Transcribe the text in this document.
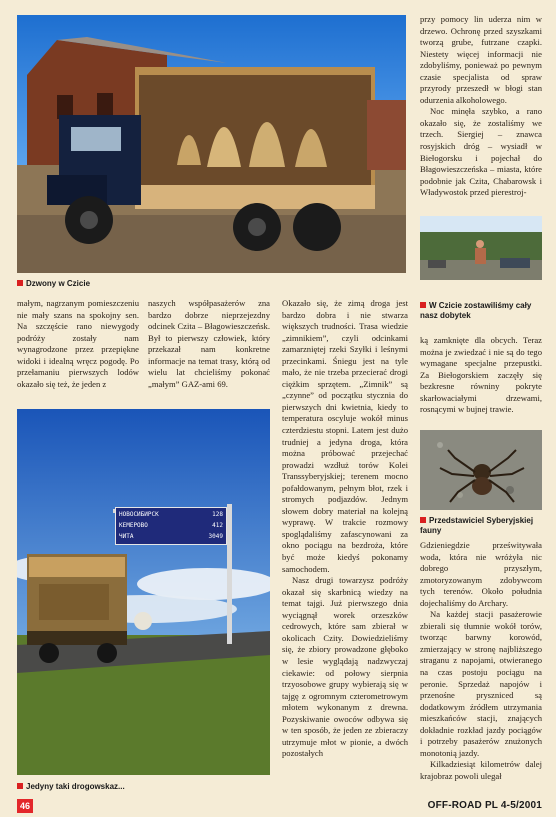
Dzwony w Czicie

przy pomocy lin uderza nim w drzewo. Ochronę przed szyszkami tworzą grube, futrzane czapki. Niestety więcej informacji nie zdobyliśmy, ponieważ po pewnym czasie specjalista od spraw przyrody przeszedł w błogi stan odurzenia alkoholowego.

Noc minęła szybko, a rano okazało się, że zostaliśmy we trzech. Siergiej – znawca rosyjskich dróg – wysiadł w Biełogorsku i pojechał do Błagowieszczeńska – miasta, które podobnie jak Czita, Chabarowsk i Władywostok przed pierestroj-

W Czicie zostawiliśmy cały nasz dobytek

ką zamknięte dla obcych. Teraz można je zwiedzać i nie są do tego wymagane specjalne przepustki. Za Biełogorskiem zaczęły się bezkresne równiny pokryte skarłowaciałymi drzewami, rosnącymi w bujnej trawie.

Przedstawiciel Syberyjskiej fauny

Gdzieniegdzie prześwitywała woda, która nie wróżyła nic dobrego przyszłym, zmotoryzowanym zdobywcom tych terenów. Około południa dojechaliśmy do Archary.

Na każdej stacji pasażerowie zbierali się tłumnie wokół torów, tworząc barwny korowód, zmierzający w stronę najbliższego straganu z napojami, otwieranego na czas postoju pociągu na peronie. Sprzedaż napojów i przenośne pryszniced są dodatkowym źródłem utrzymania mieszkańców stacji, znających dokładnie rozkład jazdy pociągów i potrzeby pasażerów znużonych monotonią jazdy.

Kilkadziesiąt kilometrów dalej krajobraz powoli ulegał

małym, nagrzanym pomieszczeniu nie mały szans na spokojny sen. Na szczęście rano niewygody podróży zostały nam wynagrodzone przez przepiękne widoki i idealną wręcz pogodę. Po przełamaniu pierwszych lodów okazało się też, że jeden z

naszych współpasażerów zna bardzo dobrze nieprzejezdny odcinek Czita – Błagowieszczeńsk. Był to pierwszy człowiek, który przekazał nam konkretne informacje na temat trasy, którą od wielu lat chcieliśmy pokonać „małym” GAZ-ami 69.

Okazało się, że zimą droga jest bardzo dobra i nie stwarza większych trudności. Trasa wiedzie „zimnikiem”, czyli odcinkami zamarzniętej rzeki Szyłki i leśnymi przecinkami. Śniegu jest na tyle mało, że nie trzeba przecierać drogi ciężkim sprzętem. „Zimnik” są „czynne” od początku stycznia do pierwszych dni kwietnia, kiedy to temperatura oscyluje wokół minus czterdziestu stopni. Latem jest dużo trudniej a jedyna droga, która można próbować przejechać prowadzi wzdłuż torów Kolei Transsyberyjskiej; terenem mocno pofałdowanym, pełnym błot, rzek i stromych podjazdów. Jednym słowem dobry materiał na kolejną wyprawę. W trakcie rozmowy spoglądaliśmy zafascynowani za okno pociągu na bezdroża, które być może kiedyś pokonamy samochodem.

Nasz drugi towarzysz podróży okazał się skarbnicą wiedzy na temat tajgi. Już pierwszego dnia wyciągnął worek orzeszków cedrowych, które sam zbierał w okolicach Czity. Dowiedzieliśmy się, że zbiory prowadzone głęboko w lesie wyglądają nadzwyczaj ciekawie: od połowy sierpnia trzyosobowe grupy wybierają się w tajgę z ogromnym czterometrowym młotem wykonanym z drewna. Pozyskiwanie owoców odbywa się w ten sposób, że jeden ze zbieraczy utrzymuje młot w pionie, a dwóch pozostałych

НОВОСИБИРСК	128
КЕМЕРОВО	412
ЧИТА	3049
Jedyny taki drogowskaz...
46	OFF-ROAD PL 4-5/2001
